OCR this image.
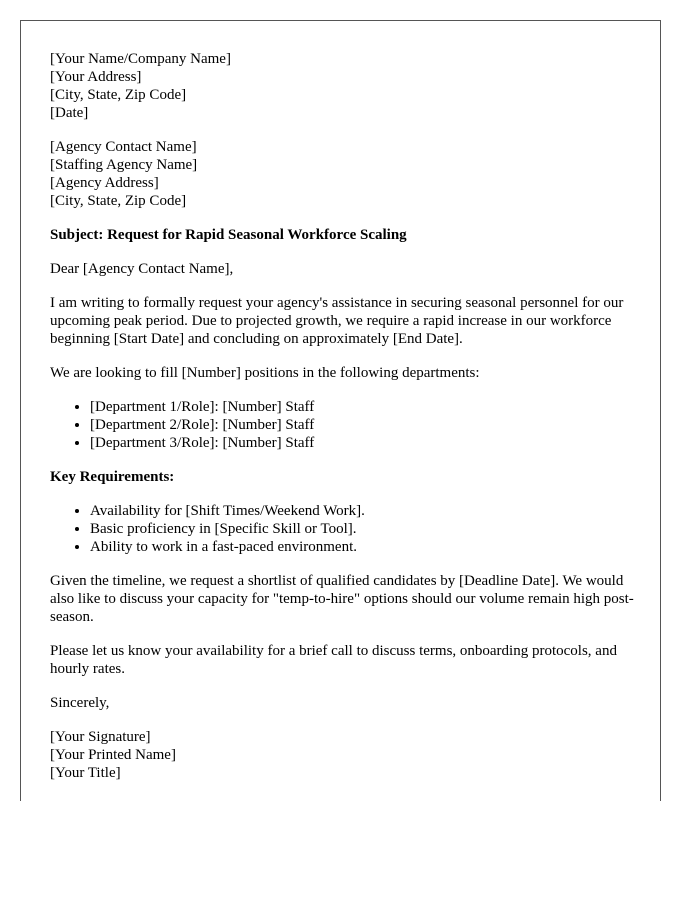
[Your Name/Company Name]
[Your Address]
[City, State, Zip Code]
[Date]
[Agency Contact Name]
[Staffing Agency Name]
[Agency Address]
[City, State, Zip Code]
Subject: Request for Rapid Seasonal Workforce Scaling

Dear [Agency Contact Name],

I am writing to formally request your agency's assistance in securing seasonal personnel for our upcoming peak period. Due to projected growth, we require a rapid increase in our workforce beginning [Start Date] and concluding on approximately [End Date].

We are looking to fill [Number] positions in the following departments:

• [Department 1/Role]: [Number] Staff
• [Department 2/Role]: [Number] Staff
• [Department 3/Role]: [Number] Staff
Key Requirements:
• Availability for [Shift Times/Weekend Work].
• Basic proficiency in [Specific Skill or Tool].
• Ability to work in a fast-paced environment.

Given the timeline, we request a shortlist of qualified candidates by [Deadline Date]. We would also like to discuss your capacity for "temp-to-hire" options should our volume remain high post-season.

Please let us know your availability for a brief call to discuss terms, onboarding protocols, and hourly rates.

Sincerely,

[Your Signature]
[Your Printed Name]
[Your Title]
